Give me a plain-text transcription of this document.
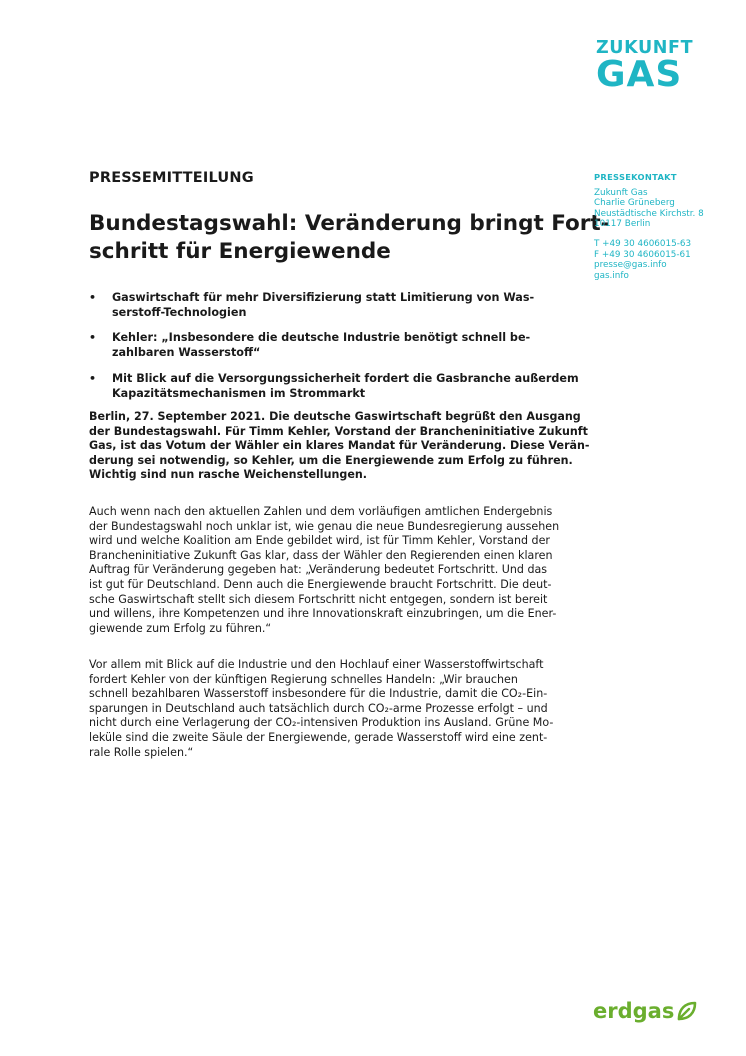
ZUKUNFT
GAS
PRESSEMITTEILUNG
Bundestagswahl: Veränderung bringt Fort-
schritt für Energiewende
• Gaswirtschaft für mehr Diversifizierung statt Limitierung von Was-
serstoff-Technologien
• Kehler: „Insbesondere die deutsche Industrie benötigt schnell be-
zahlbaren Wasserstoff“
• Mit Blick auf die Versorgungssicherheit fordert die Gasbranche außerdem
Kapazitätsmechanismen im Strommarkt
Berlin, 27. September 2021. Die deutsche Gaswirtschaft begrüßt den Ausgang
der Bundestagswahl. Für Timm Kehler, Vorstand der Brancheninitiative Zukunft
Gas, ist das Votum der Wähler ein klares Mandat für Veränderung. Diese Verän-
derung sei notwendig, so Kehler, um die Energiewende zum Erfolg zu führen.
Wichtig sind nun rasche Weichenstellungen.
Auch wenn nach den aktuellen Zahlen und dem vorläufigen amtlichen Endergebnis
der Bundestagswahl noch unklar ist, wie genau die neue Bundesregierung aussehen
wird und welche Koalition am Ende gebildet wird, ist für Timm Kehler, Vorstand der
Brancheninitiative Zukunft Gas klar, dass der Wähler den Regierenden einen klaren
Auftrag für Veränderung gegeben hat: „Veränderung bedeutet Fortschritt. Und das
ist gut für Deutschland. Denn auch die Energiewende braucht Fortschritt. Die deut-
sche Gaswirtschaft stellt sich diesem Fortschritt nicht entgegen, sondern ist bereit
und willens, ihre Kompetenzen und ihre Innovationskraft einzubringen, um die Ener-
giewende zum Erfolg zu führen.“
Vor allem mit Blick auf die Industrie und den Hochlauf einer Wasserstoffwirtschaft
fordert Kehler von der künftigen Regierung schnelles Handeln: „Wir brauchen
schnell bezahlbaren Wasserstoff insbesondere für die Industrie, damit die CO₂-Ein-
sparungen in Deutschland auch tatsächlich durch CO₂-arme Prozesse erfolgt – und
nicht durch eine Verlagerung der CO₂-intensiven Produktion ins Ausland. Grüne Mo-
leküle sind die zweite Säule der Energiewende, gerade Wasserstoff wird eine zent-
rale Rolle spielen.“
PRESSEKONTAKT
Zukunft Gas
Charlie Grüneberg
Neustädtische Kirchstr. 8
10117 Berlin
T +49 30 4606015-63
F +49 30 4606015-61
presse@gas.info
gas.info
erdgas
